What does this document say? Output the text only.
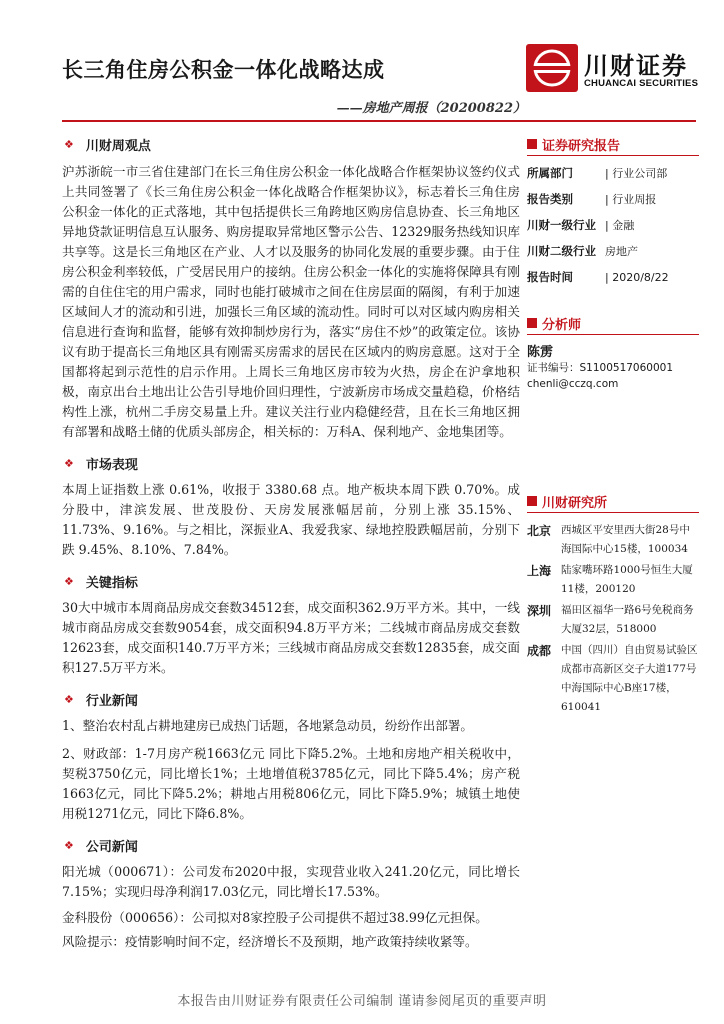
长三角住房公积金一体化战略达成	川财证券
CHUANCAI SECURITIES
——房地产周报（20200822）
❖ 川财周观点

沪苏浙皖一市三省住建部门在长三角住房公积金一体化战略合作框架协议签约仪式上共同签署了《长三角住房公积金一体化战略合作框架协议》，标志着长三角住房公积金一体化的正式落地，其中包括提供长三角跨地区购房信息协查、长三角地区异地贷款证明信息互认服务、购房提取异常地区警示公告、12329服务热线知识库共享等。这是长三角地区在产业、人才以及服务的协同化发展的重要步骤。由于住房公积金利率较低，广受居民用户的接纳。住房公积金一体化的实施将保障具有刚需的自住住宅的用户需求，同时也能打破城市之间在住房层面的隔阂，有利于加速区域间人才的流动和引进，加强长三角区域的流动性。同时可以对区域内购房相关信息进行查询和监督，能够有效抑制炒房行为，落实“房住不炒”的政策定位。该协议有助于提高长三角地区具有刚需买房需求的居民在区域内的购房意愿。这对于全国都将起到示范性的启示作用。上周长三角地区房市较为火热，房企在沪拿地积极，南京出台土地出让公告引导地价回归理性，宁波新房市场成交量趋稳，价格结构性上涨，杭州二手房交易量上升。建议关注行业内稳健经营，且在长三角地区拥有部署和战略土储的优质头部房企，相关标的：万科A、保利地产、金地集团等。

❖ 市场表现

本周上证指数上涨 0.61%，收报于 3380.68 点。地产板块本周下跌 0.70%。成分股中，津滨发展、世茂股份、天房发展涨幅居前，分别上涨 35.15%、11.73%、9.16%。与之相比，深振业A、我爱我家、绿地控股跌幅居前，分别下跌 9.45%、8.10%、7.84%。

❖ 关键指标

30大中城市本周商品房成交套数34512套，成交面积362.9万平方米。其中，一线城市商品房成交套数9054套，成交面积94.8万平方米；二线城市商品房成交套数12623套，成交面积140.7万平方米；三线城市商品房成交套数12835套，成交面积127.5万平方米。

❖ 行业新闻

1、整治农村乱占耕地建房已成热门话题，各地紧急动员，纷纷作出部署。

2、财政部：1-7月房产税1663亿元 同比下降5.2%。土地和房地产相关税收中，契税3750亿元，同比增长1%；土地增值税3785亿元，同比下降5.4%；房产税1663亿元，同比下降5.2%；耕地占用税806亿元，同比下降5.9%；城镇土地使用税1271亿元，同比下降6.8%。

❖ 公司新闻

阳光城（000671）：公司发布2020中报，实现营业收入241.20亿元，同比增长7.15%；实现归母净利润17.03亿元，同比增长17.53%。

金科股份（000656）：公司拟对8家控股子公司提供不超过38.99亿元担保。

风险提示：疫情影响时间不定，经济增长不及预期，地产政策持续收紧等。

证券研究报告
所属部门	| 行业公司部
报告类别	| 行业周报
川财一级行业 | 金融
川财二级行业 房地产
报告时间	| 2020/8/22
分析师
陈雳
证书编号：S1100517060001
chenli@cczq.com
川财研究所
北京 西城区平安里西大街28号中海国际中心15楼，100034
上海 陆家嘴环路1000号恒生大厦11楼，200120
深圳 福田区福华一路6号免税商务大厦32层，518000
成都 中国（四川）自由贸易试验区成都市高新区交子大道177号中海国际中心B座17楼，610041
本报告由川财证券有限责任公司编制 谨请参阅尾页的重要声明
